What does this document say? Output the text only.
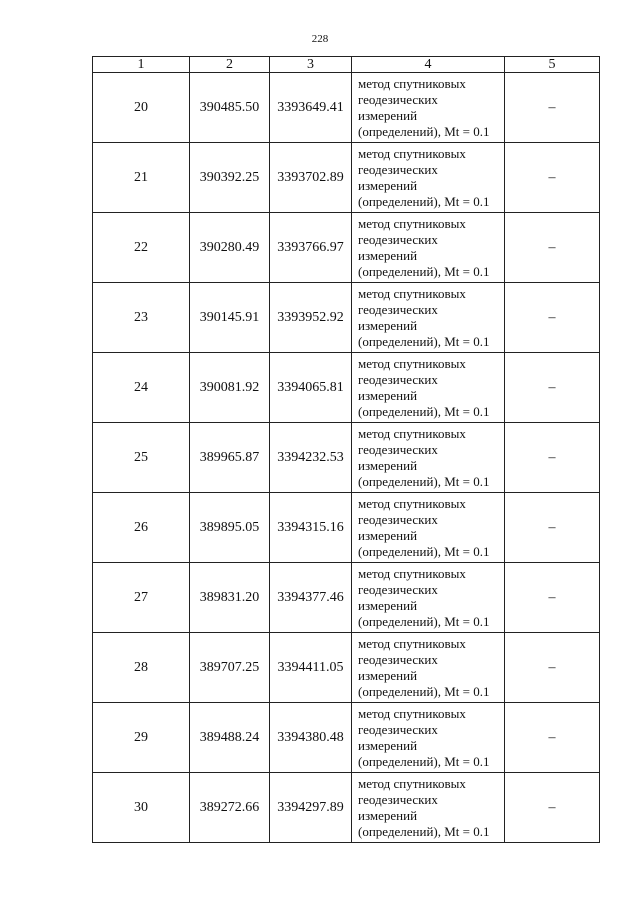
228
1	2	3	4	5
20	390485.50	3393649.41	метод спутниковых
геодезических
измерений
(определений), Mt = 0.1	–
21	390392.25	3393702.89	метод спутниковых
геодезических
измерений
(определений), Mt = 0.1	–
22	390280.49	3393766.97	метод спутниковых
геодезических
измерений
(определений), Mt = 0.1	–
23	390145.91	3393952.92	метод спутниковых
геодезических
измерений
(определений), Mt = 0.1	–
24	390081.92	3394065.81	метод спутниковых
геодезических
измерений
(определений), Mt = 0.1	–
25	389965.87	3394232.53	метод спутниковых
геодезических
измерений
(определений), Mt = 0.1	–
26	389895.05	3394315.16	метод спутниковых
геодезических
измерений
(определений), Mt = 0.1	–
27	389831.20	3394377.46	метод спутниковых
геодезических
измерений
(определений), Mt = 0.1	–
28	389707.25	3394411.05	метод спутниковых
геодезических
измерений
(определений), Mt = 0.1	–
29	389488.24	3394380.48	метод спутниковых
геодезических
измерений
(определений), Mt = 0.1	–
30	389272.66	3394297.89	метод спутниковых
геодезических
измерений
(определений), Mt = 0.1	–
